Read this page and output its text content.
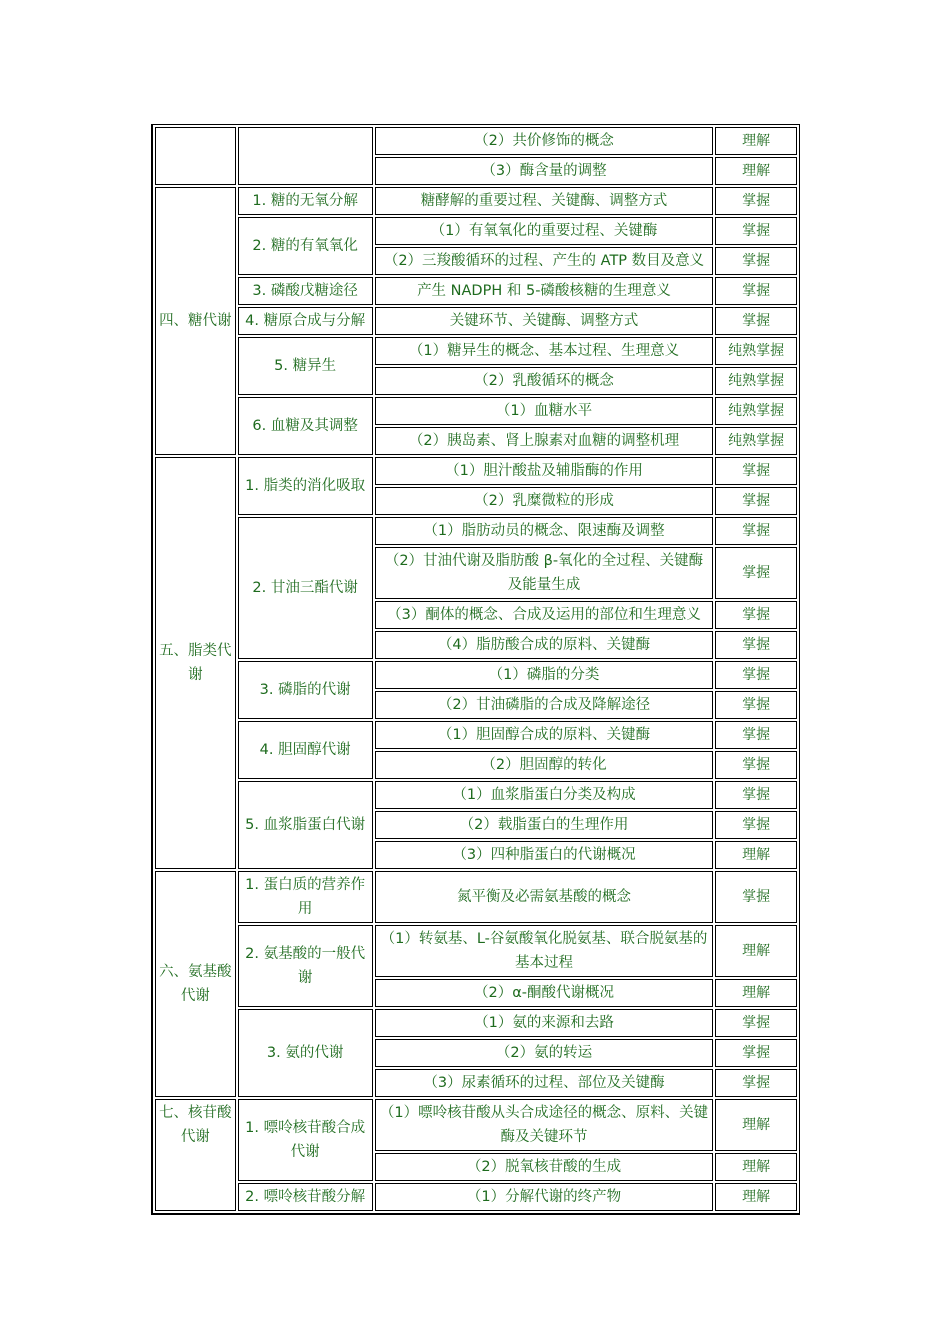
		（2）共价修饰的概念	理解
		（3）酶含量的调整	理解
四、糖代谢	1. 糖的无氧分解	糖酵解的重要过程、关键酶、调整方式	掌握
	2. 糖的有氧氧化	（1）有氧氧化的重要过程、关键酶	掌握
		（2）三羧酸循环的过程、产生的 ATP 数目及意义	掌握
	3. 磷酸戊糖途径	产生 NADPH 和 5-磷酸核糖的生理意义	掌握
	4. 糖原合成与分解	关键环节、关键酶、调整方式	掌握
	5. 糖异生	（1）糖异生的概念、基本过程、生理意义	纯熟掌握
		（2）乳酸循环的概念	纯熟掌握
	6. 血糖及其调整	（1）血糖水平	纯熟掌握
		（2）胰岛素、肾上腺素对血糖的调整机理	纯熟掌握
五、脂类代谢	1. 脂类的消化吸取	（1）胆汁酸盐及辅脂酶的作用	掌握
		（2）乳糜微粒的形成	掌握
	2. 甘油三酯代谢	（1）脂肪动员的概念、限速酶及调整	掌握
		（2）甘油代谢及脂肪酸 β-氧化的全过程、关键酶及能量生成	掌握
		（3）酮体的概念、合成及运用的部位和生理意义	掌握
		（4）脂肪酸合成的原料、关键酶	掌握
	3. 磷脂的代谢	（1）磷脂的分类	掌握
		（2）甘油磷脂的合成及降解途径	掌握
	4. 胆固醇代谢	（1）胆固醇合成的原料、关键酶	掌握
		（2）胆固醇的转化	掌握
	5. 血浆脂蛋白代谢	（1）血浆脂蛋白分类及构成	掌握
		（2）载脂蛋白的生理作用	掌握
		（3）四种脂蛋白的代谢概况	理解
六、氨基酸代谢	1. 蛋白质的营养作用	氮平衡及必需氨基酸的概念	掌握
	2. 氨基酸的一般代谢	（1）转氨基、L-谷氨酸氧化脱氨基、联合脱氨基的基本过程	理解
		（2）α-酮酸代谢概况	理解
	3. 氨的代谢	（1）氨的来源和去路	掌握
		（2）氨的转运	掌握
		（3）尿素循环的过程、部位及关键酶	掌握
七、核苷酸代谢	1. 嘌呤核苷酸合成代谢	（1）嘌呤核苷酸从头合成途径的概念、原料、关键酶及关键环节	理解
		（2）脱氧核苷酸的生成	理解
	2. 嘌呤核苷酸分解	（1）分解代谢的终产物	理解
